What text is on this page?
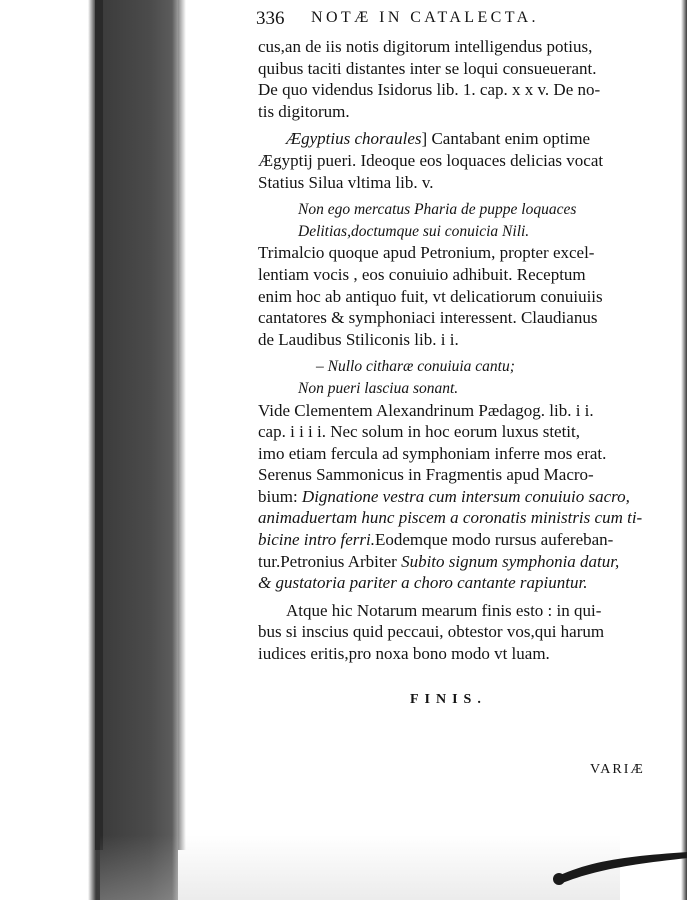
336 NOTÆ IN CATALECTA.
cus,an de iis notis digitorum intelligendus potius,
quibus taciti distantes inter se loqui consueuerant.
De quo videndus Isidorus lib. 1. cap. x x v. De no-
tis digitorum.
Ægyptius choraules] Cantabant enim optime
Ægyptij pueri. Ideoque eos loquaces delicias vocat
Statius Silua vltima lib. v.
Non ego mercatus Pharia de puppe loquaces
Delitias,doctumque sui conuicia Nili.
Trimalcio quoque apud Petronium, propter excel-
lentiam vocis , eos conuiuio adhibuit. Receptum
enim hoc ab antiquo fuit, vt delicatiorum conuiuiis
cantatores & symphoniaci interessent. Claudianus
de Laudibus Stiliconis lib. i i.
– Nullo citharæ conuiuia cantu;
Non pueri lasciua sonant.
Vide Clementem Alexandrinum Pædagog. lib. i i.
cap. i i i i. Nec solum in hoc eorum luxus stetit,
imo etiam fercula ad symphoniam inferre mos erat.
Serenus Sammonicus in Fragmentis apud Macro-
bium: Dignatione vestra cum intersum conuiuio sacro,
animaduertam hunc piscem a coronatis ministris cum ti-
bicine intro ferri.Eodemque modo rursus aufereban-
tur.Petronius Arbiter Subito signum symphonia datur,
& gustatoria pariter a choro cantante rapiuntur.
Atque hic Notarum mearum finis esto : in qui-
bus si inscius quid peccaui, obtestor vos,qui harum
iudices eritis,pro noxa bono modo vt luam.
FINIS.
VARIÆ
